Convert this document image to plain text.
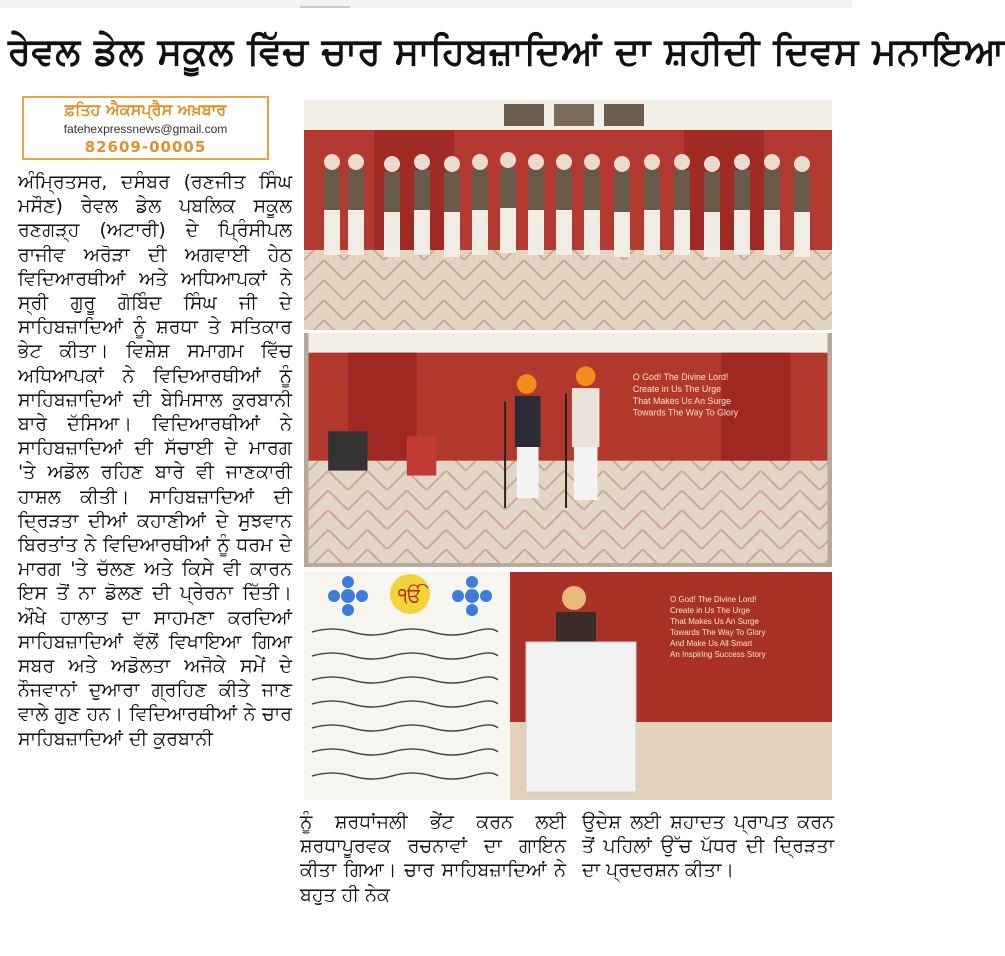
ਰੇਵਲ ਡੇਲ ਸਕੂਲ ਵਿੱਚ ਚਾਰ ਸਾਹਿਬਜ਼ਾਦਿਆਂ ਦਾ ਸ਼ਹੀਦੀ ਦਿਵਸ ਮਨਾਇਆ
ਫ਼ਤਿਹ ਐਕਸਪ੍ਰੈਸ ਅਖ਼ਬਾਰ
fatehexpressnews@gmail.com
82609-00005

ਅੰਮ੍ਰਿਤਸਰ, ਦਸੰਬਰ (ਰਣਜੀਤ ਸਿੰਘ ਮਸੌਣ) ਰੇਵਲ ਡੇਲ ਪਬਲਿਕ ਸਕੂਲ ਰਣਗੜ੍ਹ (ਅਟਾਰੀ) ਦੇ ਪ੍ਰਿੰਸੀਪਲ ਰਾਜੀਵ ਅਰੋੜਾ ਦੀ ਅਗਵਾਈ ਹੇਠ ਵਿਦਿਆਰਥੀਆਂ ਅਤੇ ਅਧਿਆਪਕਾਂ ਨੇ ਸ੍ਰੀ ਗੁਰੂ ਗੋਬਿੰਦ ਸਿੰਘ ਜੀ ਦੇ ਸਾਹਿਬਜ਼ਾਦਿਆਂ ਨੂੰ ਸ਼ਰਧਾ ਤੇ ਸਤਿਕਾਰ ਭੇਟ ਕੀਤਾ। ਵਿਸ਼ੇਸ਼ ਸਮਾਗਮ ਵਿੱਚ ਅਧਿਆਪਕਾਂ ਨੇ ਵਿਦਿਆਰਥੀਆਂ ਨੂੰ ਸਾਹਿਬਜ਼ਾਦਿਆਂ ਦੀ ਬੇਮਿਸਾਲ ਕੁਰਬਾਨੀ ਬਾਰੇ ਦੱਸਿਆ। ਵਿਦਿਆਰਥੀਆਂ ਨੇ ਸਾਹਿਬਜ਼ਾਦਿਆਂ ਦੀ ਸੱਚਾਈ ਦੇ ਮਾਰਗ 'ਤੇ ਅਡੋਲ ਰਹਿਣ ਬਾਰੇ ਵੀ ਜਾਣਕਾਰੀ ਹਾਸ਼ਲ ਕੀਤੀ। ਸਾਹਿਬਜ਼ਾਦਿਆਂ ਦੀ ਦ੍ਰਿੜਤਾ ਦੀਆਂ ਕਹਾਣੀਆਂ ਦੇ ਸੁਝਵਾਨ ਬਿਰਤਾਂਤ ਨੇ ਵਿਦਿਆਰਥੀਆਂ ਨੂੰ ਧਰਮ ਦੇ ਮਾਰਗ 'ਤੇ ਚੱਲਣ ਅਤੇ ਕਿਸੇ ਵੀ ਕਾਰਨ ਇਸ ਤੋਂ ਨਾ ਡੋਲਣ ਦੀ ਪ੍ਰੇਰਨਾ ਦਿੱਤੀ। ਔਖੇ ਹਾਲਾਤ ਦਾ ਸਾਹਮਣਾ ਕਰਦਿਆਂ ਸਾਹਿਬਜ਼ਾਦਿਆਂ ਵੱਲੋਂ ਵਿਖਾਇਆ ਗਿਆ ਸਬਰ ਅਤੇ ਅਡੋਲਤਾ ਅਜੋਕੇ ਸਮੇਂ ਦੇ ਨੌਜਵਾਨਾਂ ਦੁਆਰਾ ਗ੍ਰਹਿਣ ਕੀਤੇ ਜਾਣ ਵਾਲੇ ਗੁਣ ਹਨ। ਵਿਦਿਆਰਥੀਆਂ ਨੇ ਚਾਰ ਸਾਹਿਬਜ਼ਾਦਿਆਂ ਦੀ ਕੁਰਬਾਨੀ

ਨੂੰ ਸ਼ਰਧਾਂਜਲੀ ਭੇਂਟ ਕਰਨ ਲਈ ਸ਼ਰਧਾਪੂਰਵਕ ਰਚਨਾਵਾਂ ਦਾ ਗਾਇਨ ਕੀਤਾ ਗਿਆ। ਚਾਰ ਸਾਹਿਬਜ਼ਾਦਿਆਂ ਨੇ ਬਹੁਤ ਹੀ ਨੇਕ

ਉਦੇਸ਼ ਲਈ ਸ਼ਹਾਦਤ ਪ੍ਰਾਪਤ ਕਰਨ ਤੋਂ ਪਹਿਲਾਂ ਉੱਚ ਪੱਧਰ ਦੀ ਦ੍ਰਿੜਤਾ ਦਾ ਪ੍ਰਦਰਸ਼ਨ ਕੀਤਾ।

O God! The Divine Lord!
Create in Us The Urge
That Makes Us An Surge
Towards The Way To Glory
ੴ	O God! The Divine Lord!
Create in Us The Urge
That Makes Us An Surge
Towards The Way To Glory
And Make Us All Smart
An Inspiring Success Story
